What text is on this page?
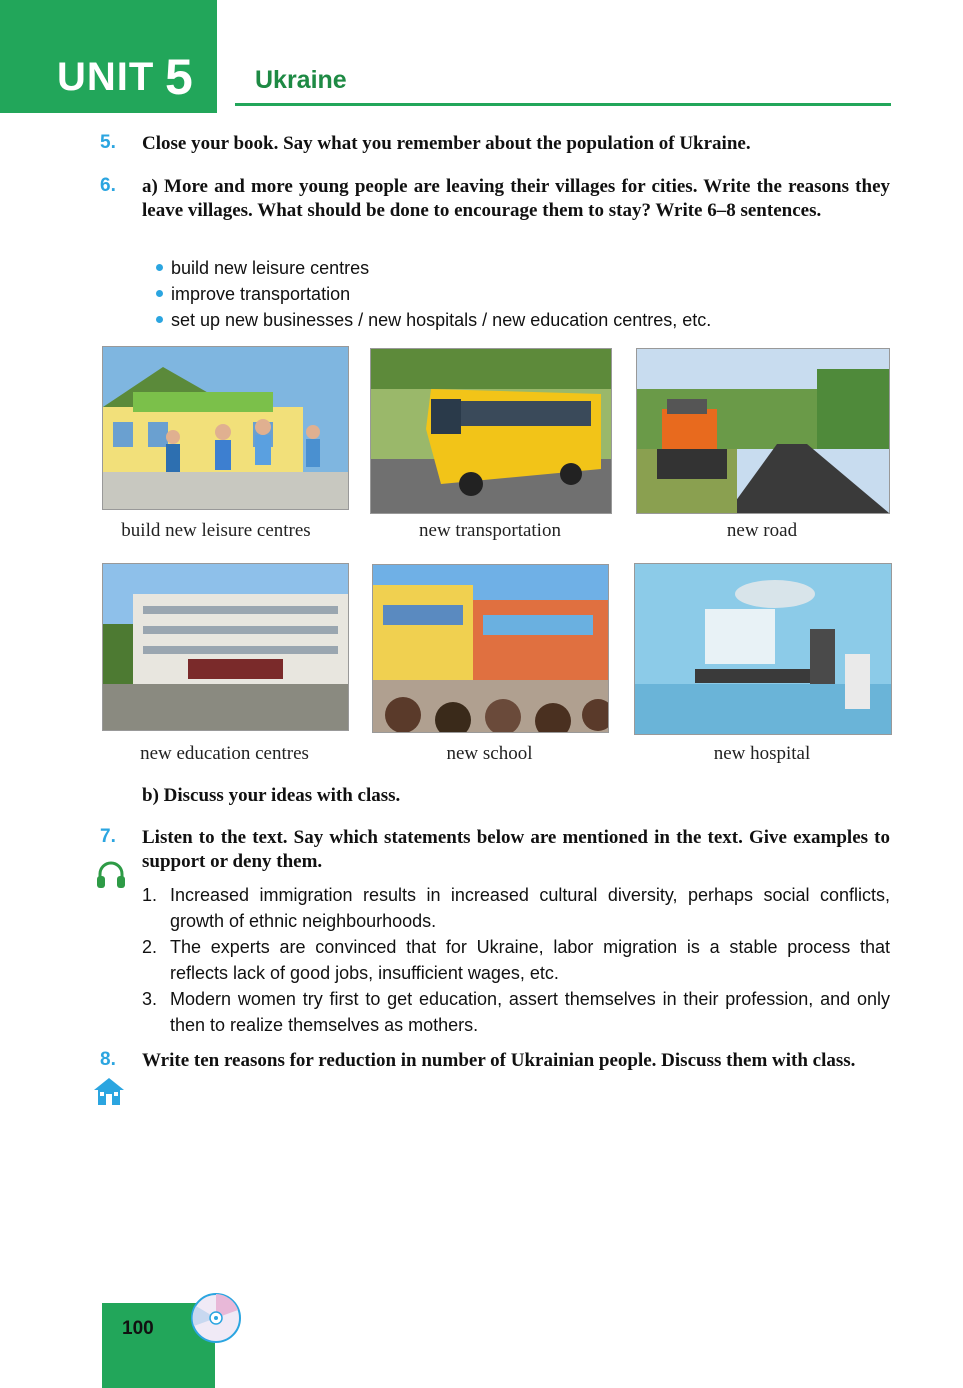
UNIT 5 Ukraine
5. Close your book. Say what you remember about the population of Ukraine.
6. a) More and more young people are leaving their villages for cities. Write the reasons they leave villages. What should be done to encourage them to stay? Write 6–8 sentences.
build new leisure centres
improve transportation
set up new businesses / new hospitals / new education centres, etc.
build new leisure centres	new transportation	new road
new education centres	new school	new hospital
b) Discuss your ideas with class.
7. Listen to the text. Say which statements below are mentioned in the text. Give examples to support or deny them.
1. Increased immigration results in increased cultural diversity, perhaps social conflicts, growth of ethnic neighbourhoods.
2. The experts are convinced that for Ukraine, labor migration is a stable process that reflects lack of good jobs, insufficient wages, etc.
3. Modern women try first to get education, assert themselves in their profession, and only then to realize themselves as mothers.
8. Write ten reasons for reduction in number of Ukrainian people. Discuss them with class.
100
